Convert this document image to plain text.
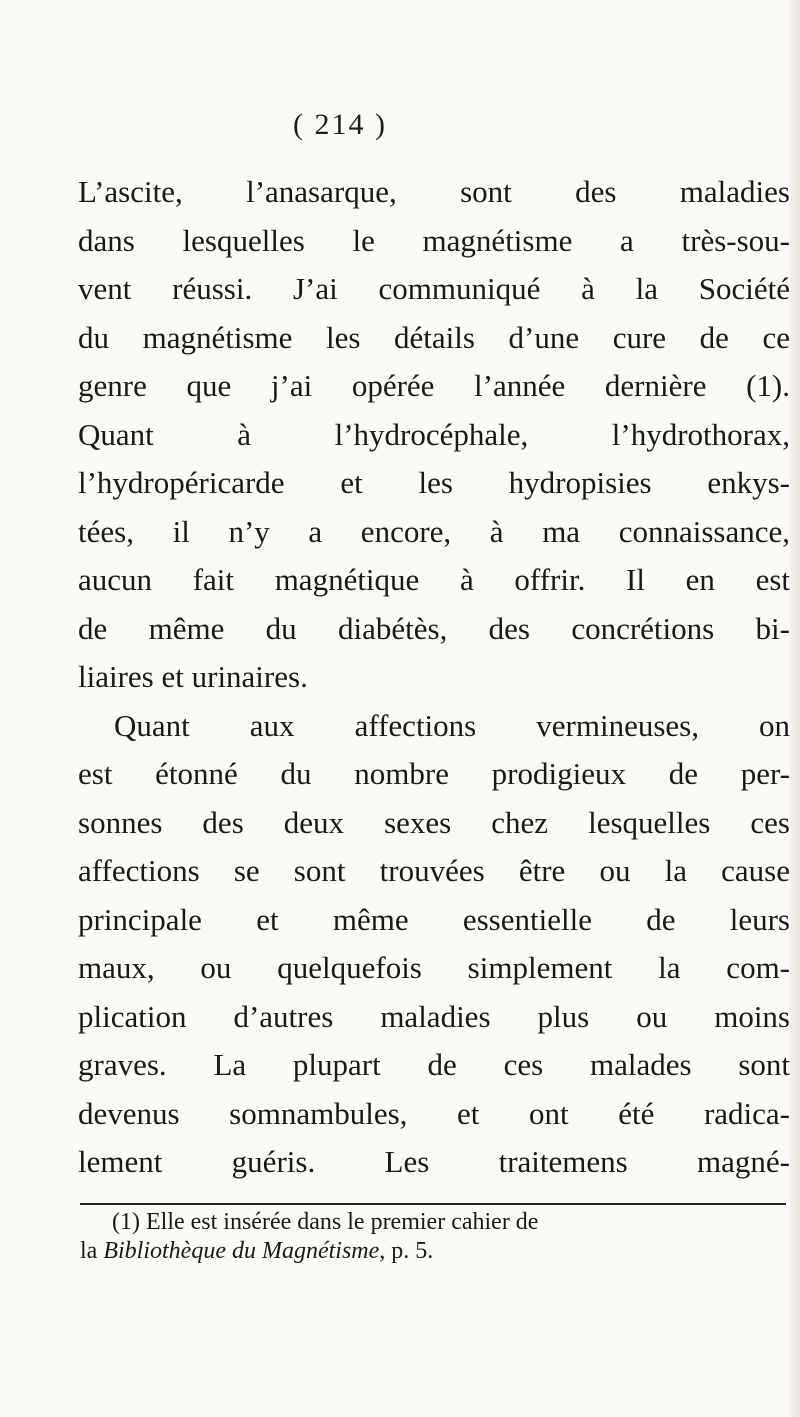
( 214 )
L’ascite, l’anasarque, sont des maladies
dans lesquelles le magnétisme a très-sou-
vent réussi. J’ai communiqué à la Société
du magnétisme les détails d’une cure de ce
genre que j’ai opérée l’année dernière (1).
Quant à l’hydrocéphale, l’hydrothorax,
l’hydropéricarde et les hydropisies enkys-
tées, il n’y a encore, à ma connaissance,
aucun fait magnétique à offrir. Il en est
de même du diabétès, des concrétions bi-
liaires et urinaires.
Quant aux affections vermineuses, on
est étonné du nombre prodigieux de per-
sonnes des deux sexes chez lesquelles ces
affections se sont trouvées être ou la cause
principale et même essentielle de leurs
maux, ou quelquefois simplement la com-
plication d’autres maladies plus ou moins
graves. La plupart de ces malades sont
devenus somnambules, et ont été radica-
lement guéris. Les traitemens magné-
(1) Elle est insérée dans le premier cahier de
la Bibliothèque du Magnétisme, p. 5.
